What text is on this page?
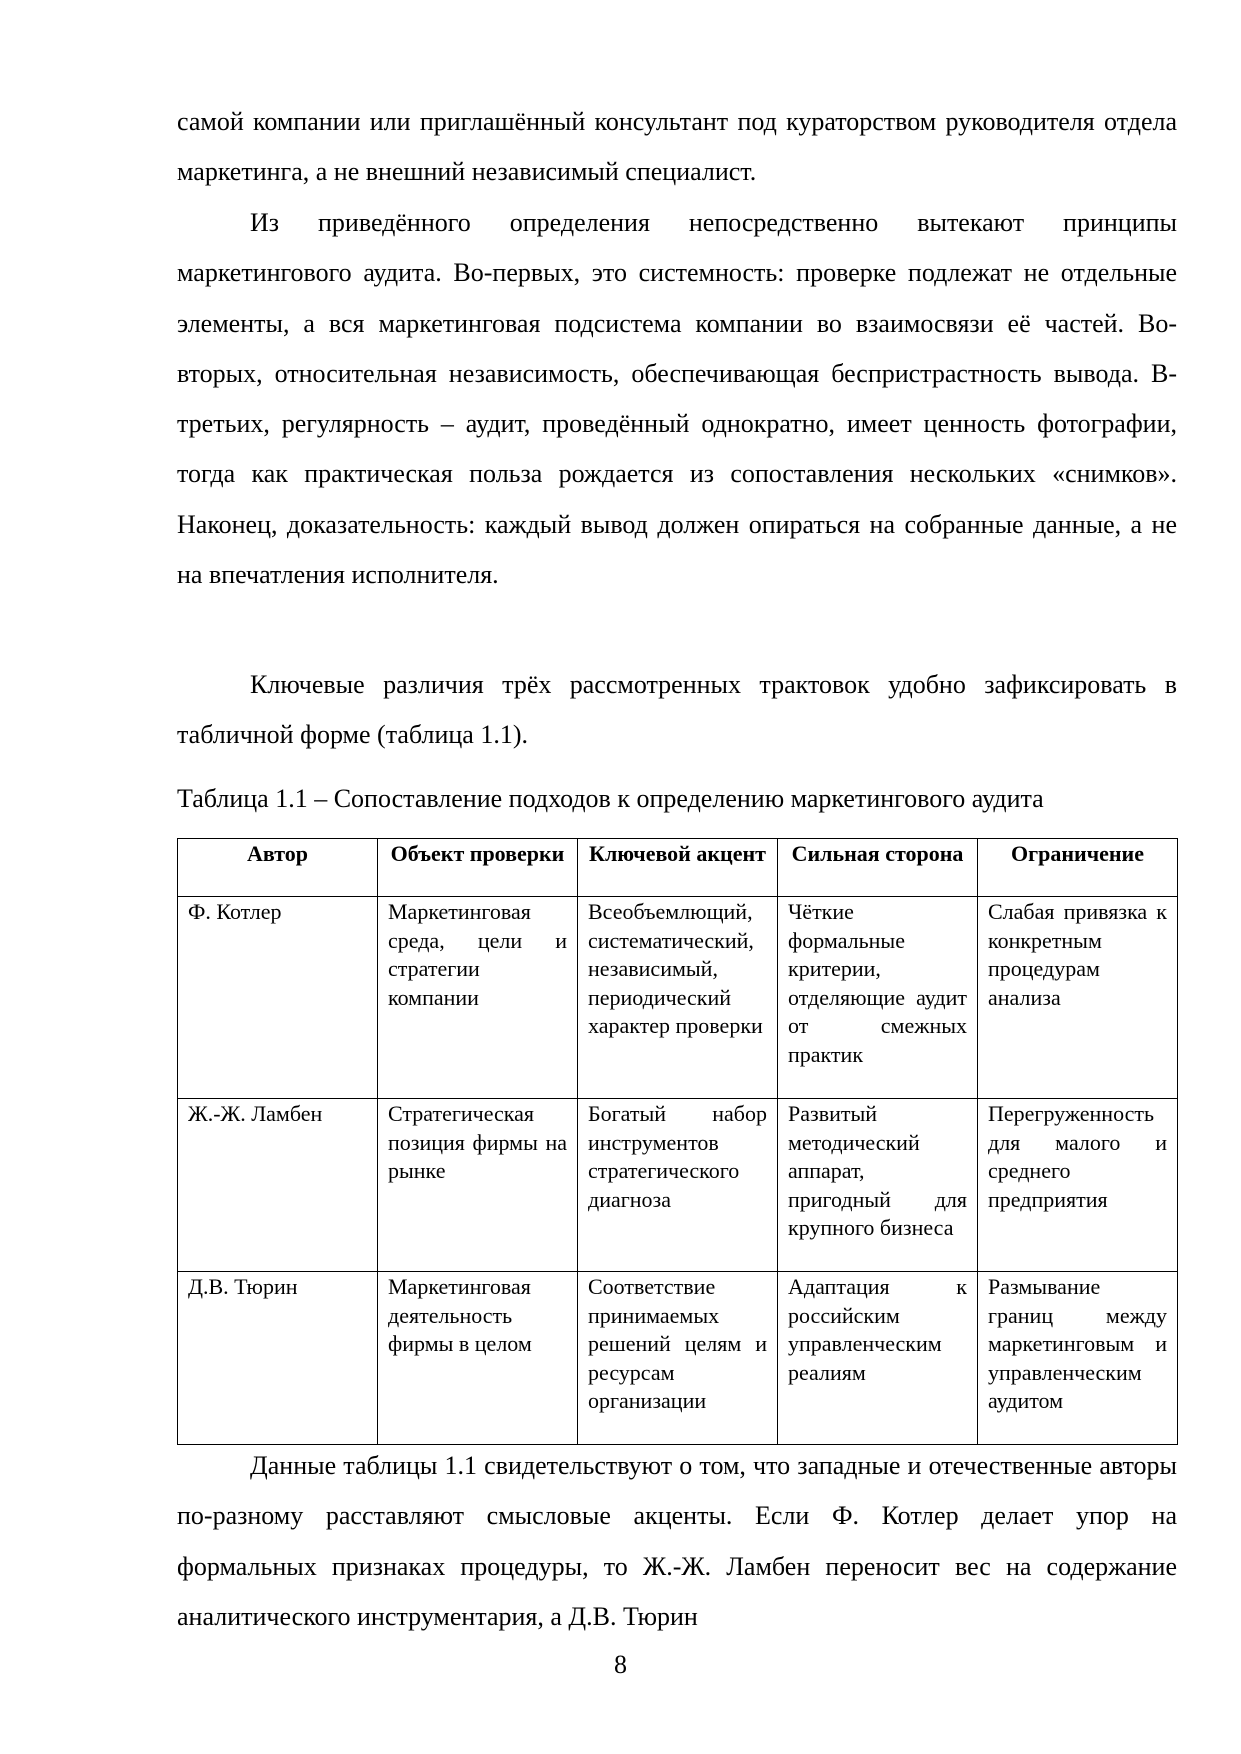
самой компании или приглашённый консультант под кураторством руководителя отдела маркетинга, а не внешний независимый специалист.

Из приведённого определения непосредственно вытекают принципы маркетингового аудита. Во-первых, это системность: проверке подлежат не отдельные элементы, а вся маркетинговая подсистема компании во взаимосвязи её частей. Во-вторых, относительная независимость, обеспечивающая беспристрастность вывода. В-третьих, регулярность – аудит, проведённый однократно, имеет ценность фотографии, тогда как практическая польза рождается из сопоставления нескольких «снимков». Наконец, доказательность: каждый вывод должен опираться на собранные данные, а не на впечатления исполнителя.

Ключевые различия трёх рассмотренных трактовок удобно зафиксировать в табличной форме (таблица 1.1).

Таблица 1.1 – Сопоставление подходов к определению маркетингового аудита

Автор	Объект проверки	Ключевой акцент	Сильная сторона	Ограничение
Ф. Котлер	Маркетинговая среда, цели и стратегии компании	Всеобъемлющий, систематический, независимый, периодический характер проверки	Чёткие формальные критерии, отделяющие аудит от смежных практик	Слабая привязка к конкретным процедурам анализа
Ж.-Ж. Ламбен	Стратегическая позиция фирмы на рынке	Богатый набор инструментов стратегического диагноза	Развитый методический аппарат, пригодный для крупного бизнеса	Перегруженность для малого и среднего предприятия
Д.В. Тюрин	Маркетинговая деятельность фирмы в целом	Соответствие принимаемых решений целям и ресурсам организации	Адаптация к российским управленческим реалиям	Размывание границ между маркетинговым и управленческим аудитом

Данные таблицы 1.1 свидетельствуют о том, что западные и отечественные авторы по-разному расставляют смысловые акценты. Если Ф. Котлер делает упор на формальных признаках процедуры, то Ж.-Ж. Ламбен переносит вес на содержание аналитического инструментария, а Д.В. Тюрин

8
